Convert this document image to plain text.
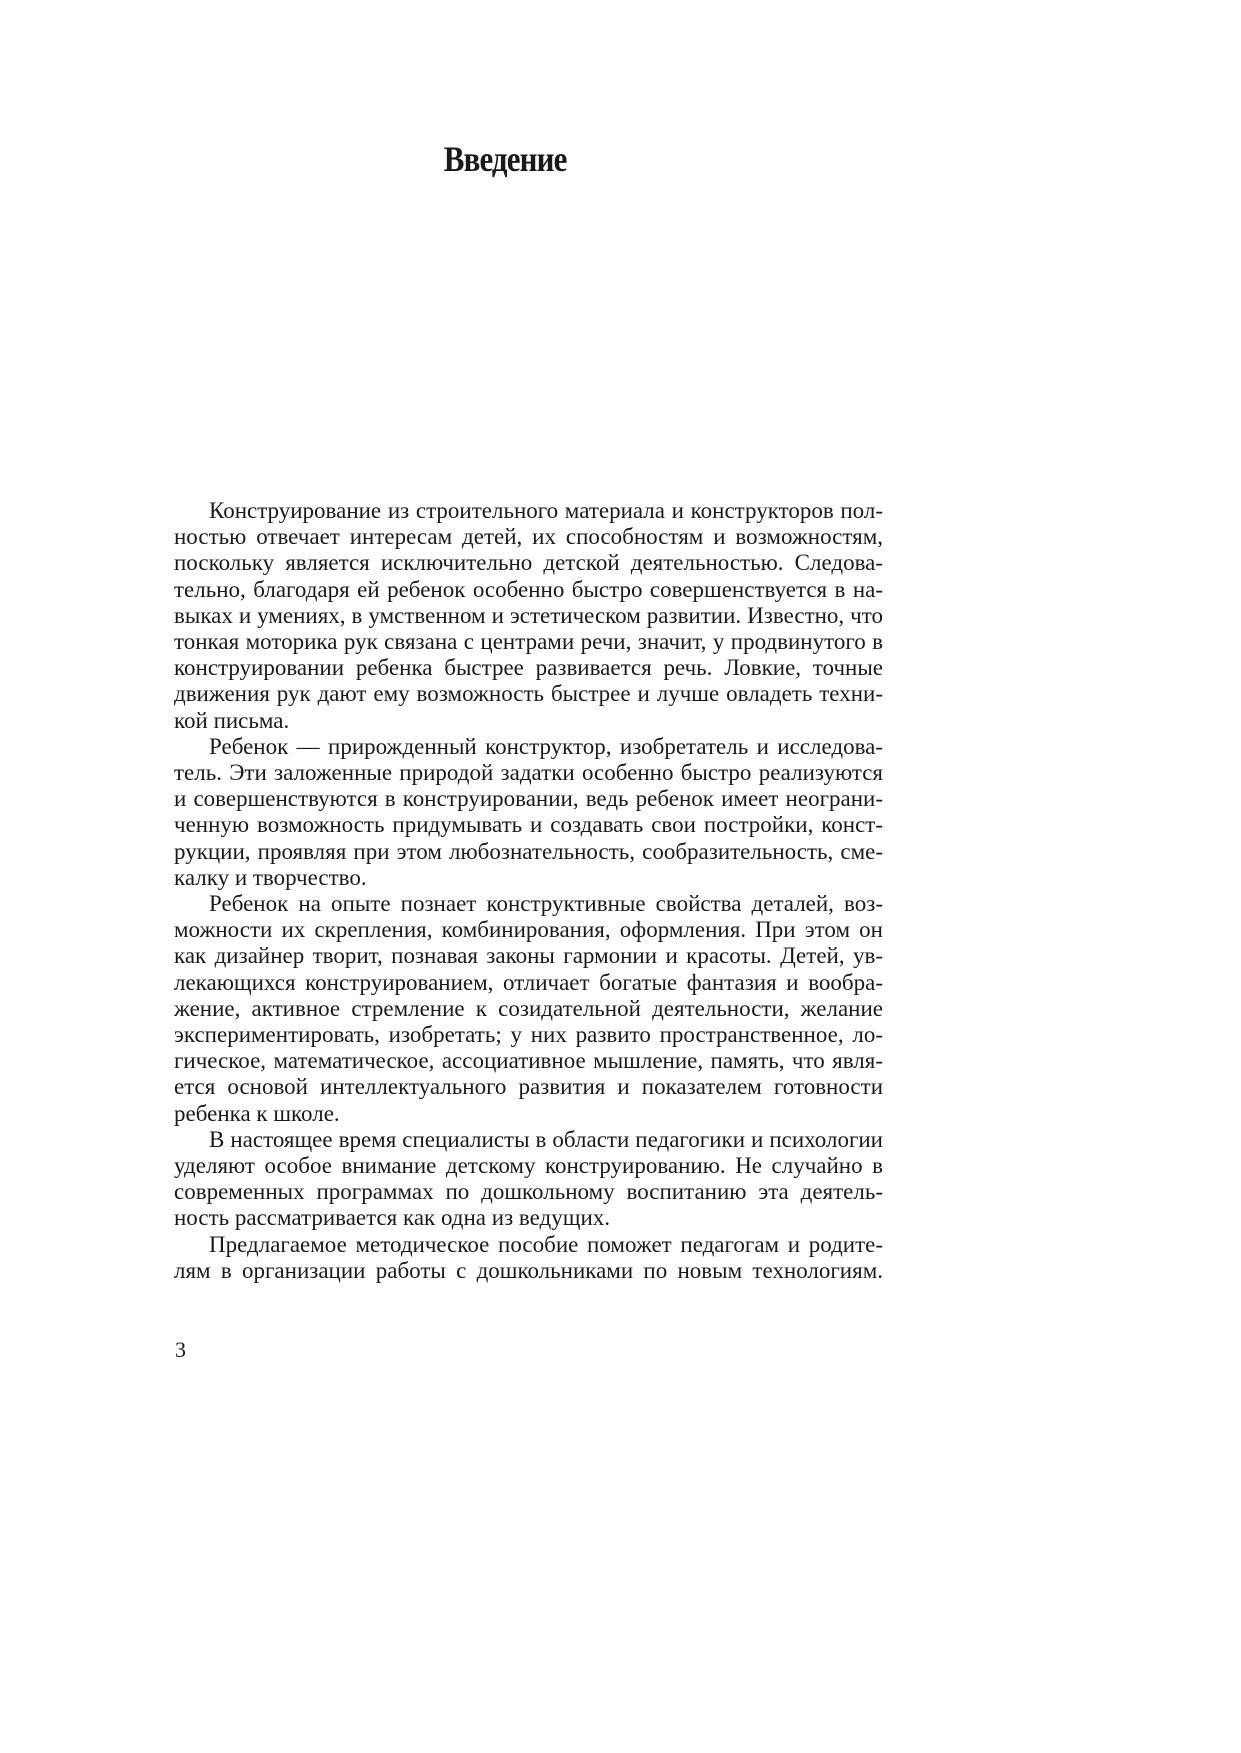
Введение

Конструирование из строительного материала и конструкторов пол-
ностью отвечает интересам детей, их способностям и возможностям,
поскольку является исключительно детской деятельностью. Следова-
тельно, благодаря ей ребенок особенно быстро совершенствуется в на-
выках и умениях, в умственном и эстетическом развитии. Известно, что
тонкая моторика рук связана с центрами речи, значит, у продвинутого в
конструировании ребенка быстрее развивается речь. Ловкие, точные
движения рук дают ему возможность быстрее и лучше овладеть техни-
кой письма.

Ребенок — прирожденный конструктор, изобретатель и исследова-
тель. Эти заложенные природой задатки особенно быстро реализуются
и совершенствуются в конструировании, ведь ребенок имеет неограни-
ченную возможность придумывать и создавать свои постройки, конст-
рукции, проявляя при этом любознательность, сообразительность, сме-
калку и творчество.

Ребенок на опыте познает конструктивные свойства деталей, воз-
можности их скрепления, комбинирования, оформления. При этом он
как дизайнер творит, познавая законы гармонии и красоты. Детей, ув-
лекающихся конструированием, отличает богатые фантазия и вообра-
жение, активное стремление к созидательной деятельности, желание
экспериментировать, изобретать; у них развито пространственное, ло-
гическое, математическое, ассоциативное мышление, память, что явля-
ется основой интеллектуального развития и показателем готовности
ребенка к школе.

В настоящее время специалисты в области педагогики и психологии
уделяют особое внимание детскому конструированию. Не случайно в
современных программах по дошкольному воспитанию эта деятель-
ность рассматривается как одна из ведущих.

Предлагаемое методическое пособие поможет педагогам и родите-
лям в организации работы с дошкольниками по новым технологиям.

3
